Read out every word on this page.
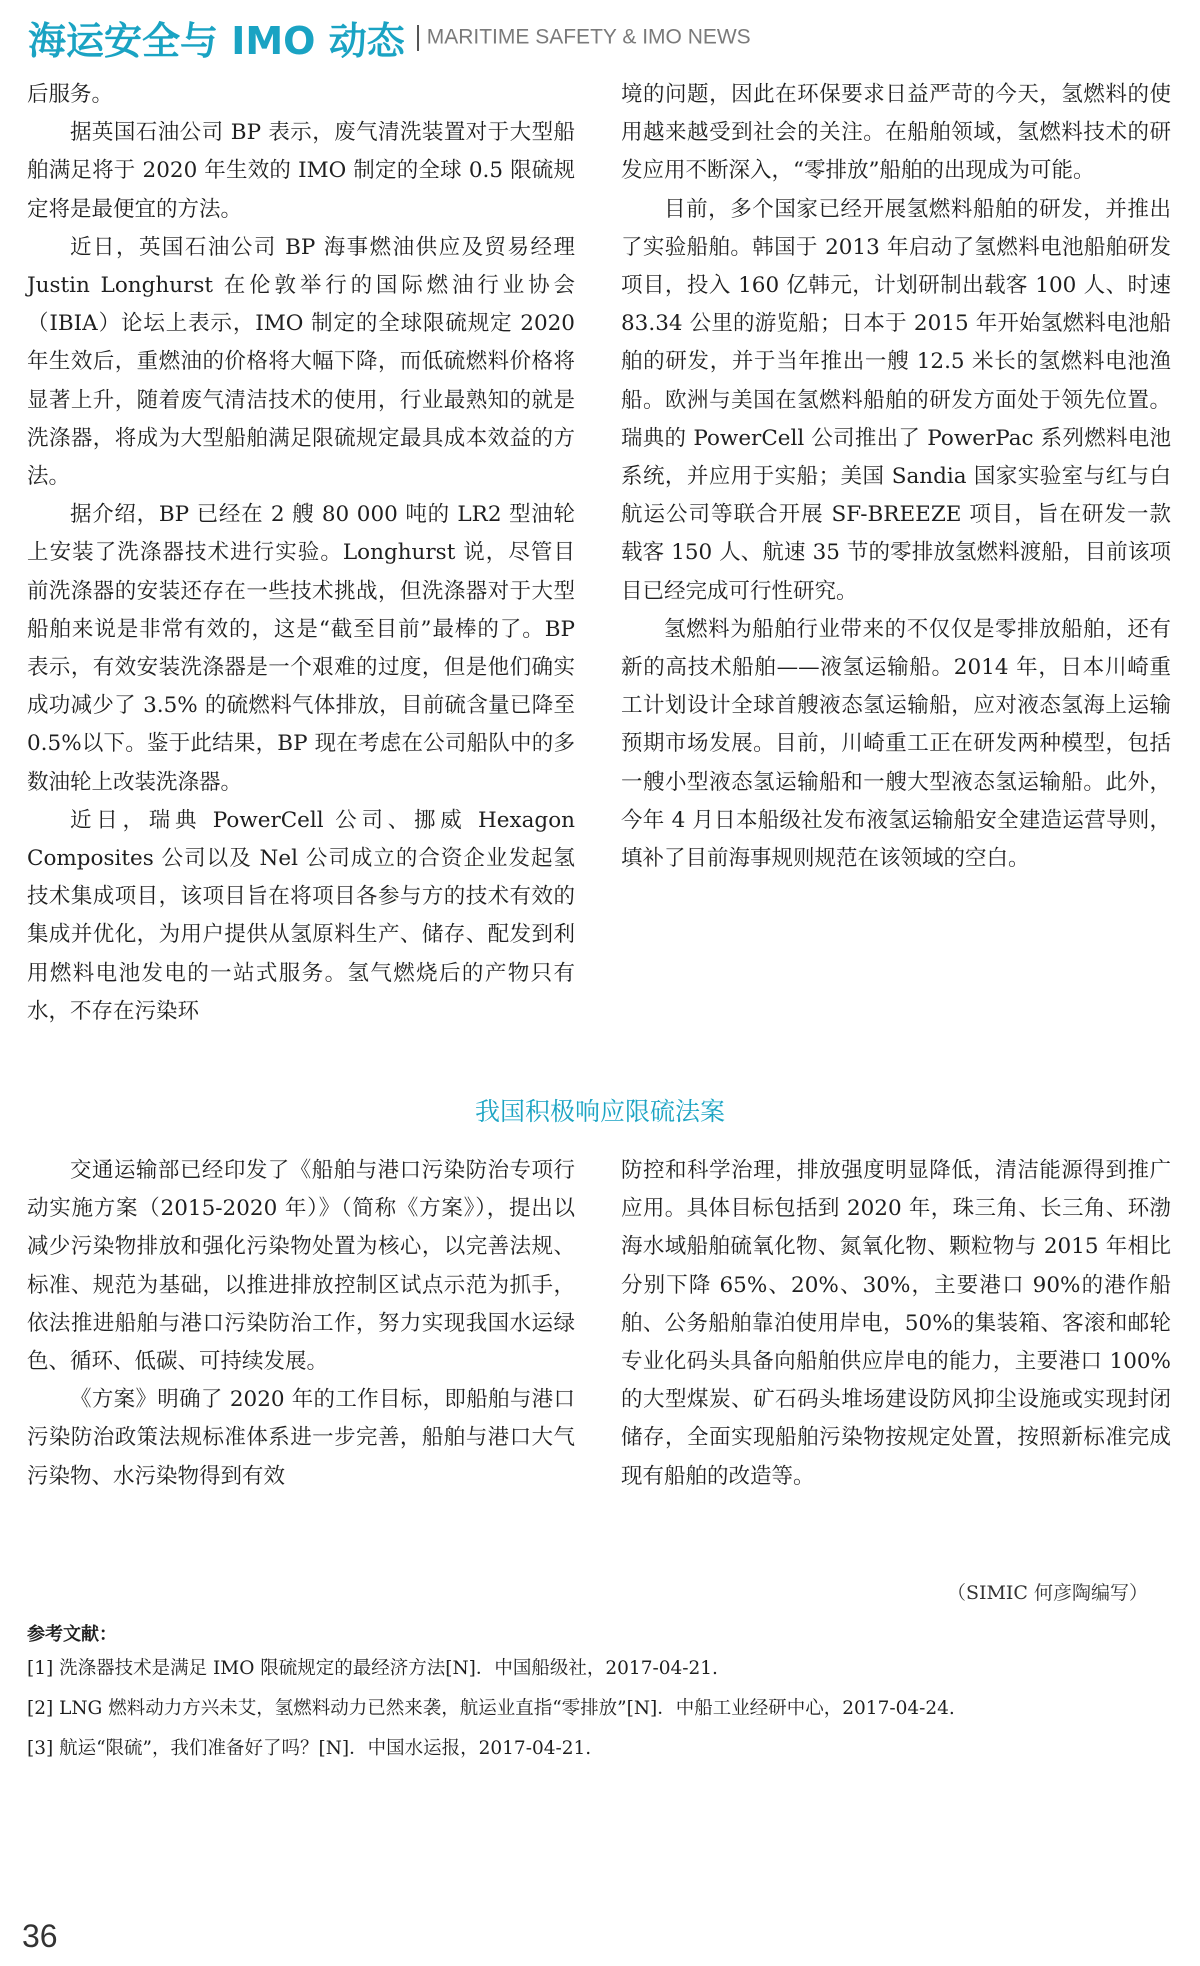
海运安全与 IMO 动态 MARITIME SAFETY & IMO NEWS

后服务。

据英国石油公司 BP 表示，废气清洗装置对于大型船舶满足将于 2020 年生效的 IMO 制定的全球 0.5 限硫规定将是最便宜的方法。

近日，英国石油公司 BP 海事燃油供应及贸易经理 Justin Longhurst 在伦敦举行的国际燃油行业协会（IBIA）论坛上表示，IMO 制定的全球限硫规定 2020 年生效后，重燃油的价格将大幅下降，而低硫燃料价格将显著上升，随着废气清洁技术的使用，行业最熟知的就是洗涤器，将成为大型船舶满足限硫规定最具成本效益的方法。

据介绍，BP 已经在 2 艘 80 000 吨的 LR2 型油轮上安装了洗涤器技术进行实验。Longhurst 说，尽管目前洗涤器的安装还存在一些技术挑战，但洗涤器对于大型船舶来说是非常有效的，这是“截至目前”最棒的了。BP 表示，有效安装洗涤器是一个艰难的过度，但是他们确实成功减少了 3.5% 的硫燃料气体排放，目前硫含量已降至 0.5%以下。鉴于此结果，BP 现在考虑在公司船队中的多数油轮上改装洗涤器。

近日，瑞典 PowerCell 公司、挪威 Hexagon Composites 公司以及 Nel 公司成立的合资企业发起氢技术集成项目，该项目旨在将项目各参与方的技术有效的集成并优化，为用户提供从氢原料生产、储存、配发到利用燃料电池发电的一站式服务。氢气燃烧后的产物只有水，不存在污染环

境的问题，因此在环保要求日益严苛的今天，氢燃料的使用越来越受到社会的关注。在船舶领域，氢燃料技术的研发应用不断深入，“零排放”船舶的出现成为可能。

目前，多个国家已经开展氢燃料船舶的研发，并推出了实验船舶。韩国于 2013 年启动了氢燃料电池船舶研发项目，投入 160 亿韩元，计划研制出载客 100 人、时速 83.34 公里的游览船；日本于 2015 年开始氢燃料电池船舶的研发，并于当年推出一艘 12.5 米长的氢燃料电池渔船。欧洲与美国在氢燃料船舶的研发方面处于领先位置。瑞典的 PowerCell 公司推出了 PowerPac 系列燃料电池系统，并应用于实船；美国 Sandia 国家实验室与红与白航运公司等联合开展 SF-BREEZE 项目，旨在研发一款载客 150 人、航速 35 节的零排放氢燃料渡船，目前该项目已经完成可行性研究。

氢燃料为船舶行业带来的不仅仅是零排放船舶，还有新的高技术船舶——液氢运输船。2014 年，日本川崎重工计划设计全球首艘液态氢运输船，应对液态氢海上运输预期市场发展。目前，川崎重工正在研发两种模型，包括一艘小型液态氢运输船和一艘大型液态氢运输船。此外，今年 4 月日本船级社发布液氢运输船安全建造运营导则，填补了目前海事规则规范在该领域的空白。

我国积极响应限硫法案

交通运输部已经印发了《船舶与港口污染防治专项行动实施方案（2015-2020 年）》（简称《方案》），提出以减少污染物排放和强化污染物处置为核心，以完善法规、标准、规范为基础，以推进排放控制区试点示范为抓手，依法推进船舶与港口污染防治工作，努力实现我国水运绿色、循环、低碳、可持续发展。

《方案》明确了 2020 年的工作目标，即船舶与港口污染防治政策法规标准体系进一步完善，船舶与港口大气污染物、水污染物得到有效

防控和科学治理，排放强度明显降低，清洁能源得到推广应用。具体目标包括到 2020 年，珠三角、长三角、环渤海水域船舶硫氧化物、氮氧化物、颗粒物与 2015 年相比分别下降 65%、20%、30%，主要港口 90%的港作船舶、公务船舶靠泊使用岸电，50%的集装箱、客滚和邮轮专业化码头具备向船舶供应岸电的能力，主要港口 100% 的大型煤炭、矿石码头堆场建设防风抑尘设施或实现封闭储存，全面实现船舶污染物按规定处置，按照新标准完成现有船舶的改造等。

（SIMIC 何彦陶编写）
参考文献：

[1] 洗涤器技术是满足 IMO 限硫规定的最经济方法[N]．中国船级社，2017-04-21.

[2] LNG 燃料动力方兴未艾，氢燃料动力已然来袭，航运业直指“零排放”[N]．中船工业经研中心，2017-04-24.

[3] 航运“限硫”，我们准备好了吗？[N]．中国水运报，2017-04-21.

36
